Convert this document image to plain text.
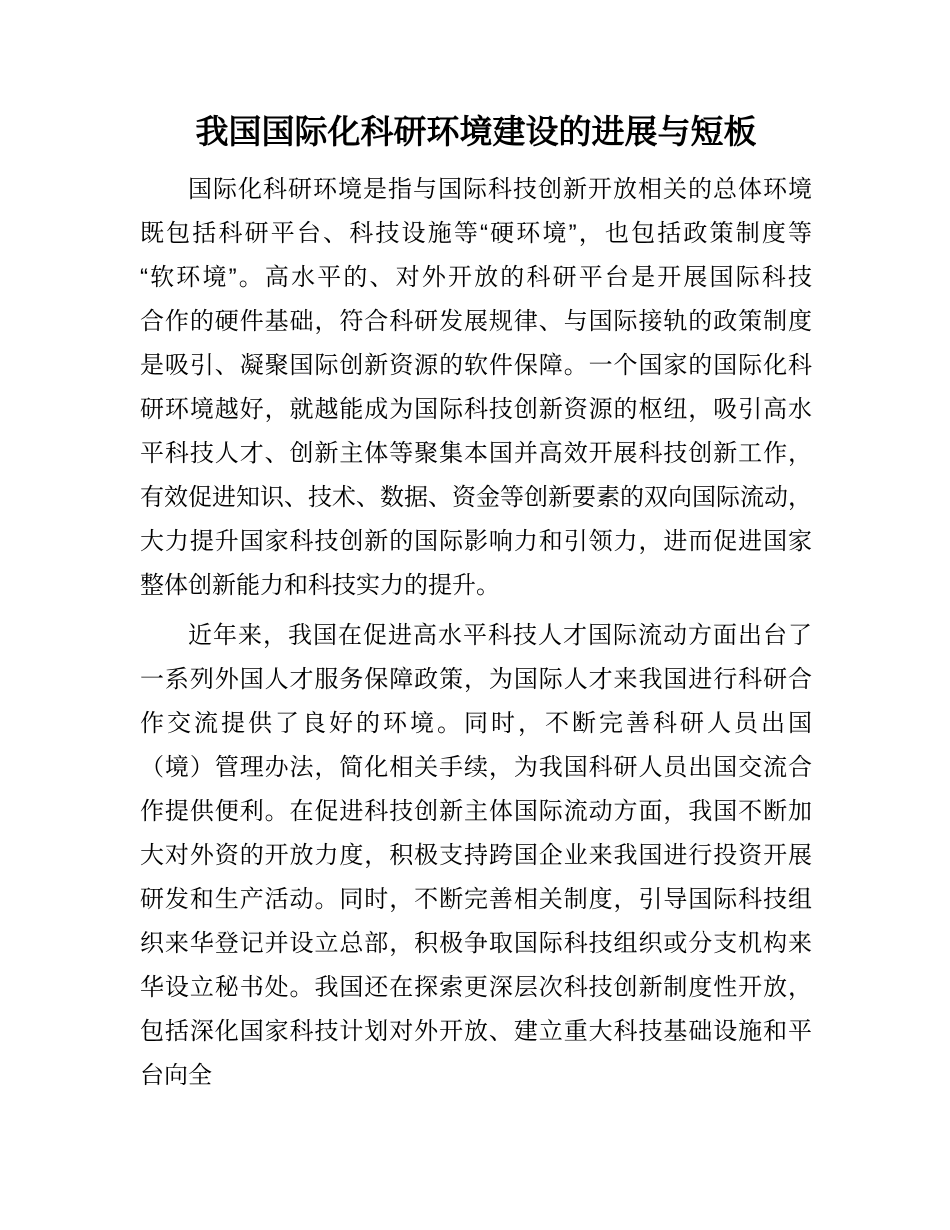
我国国际化科研环境建设的进展与短板
国际化科研环境是指与国际科技创新开放相关的总体环境
既包括科研平台、科技设施等“硬环境”，也包括政策制度等
“软环境”。高水平的、对外开放的科研平台是开展国际科技
合作的硬件基础，符合科研发展规律、与国际接轨的政策制度
是吸引、凝聚国际创新资源的软件保障。一个国家的国际化科
研环境越好，就越能成为国际科技创新资源的枢纽，吸引高水
平科技人才、创新主体等聚集本国并高效开展科技创新工作，
有效促进知识、技术、数据、资金等创新要素的双向国际流动，
大力提升国家科技创新的国际影响力和引领力，进而促进国家
整体创新能力和科技实力的提升。
近年来，我国在促进高水平科技人才国际流动方面出台了
一系列外国人才服务保障政策，为国际人才来我国进行科研合
作交流提供了良好的环境。同时，不断完善科研人员出国
（境）管理办法，简化相关手续，为我国科研人员出国交流合
作提供便利。在促进科技创新主体国际流动方面，我国不断加
大对外资的开放力度，积极支持跨国企业来我国进行投资开展
研发和生产活动。同时，不断完善相关制度，引导国际科技组
织来华登记并设立总部，积极争取国际科技组织或分支机构来
华设立秘书处。我国还在探索更深层次科技创新制度性开放，
包括深化国家科技计划对外开放、建立重大科技基础设施和平
台向全
